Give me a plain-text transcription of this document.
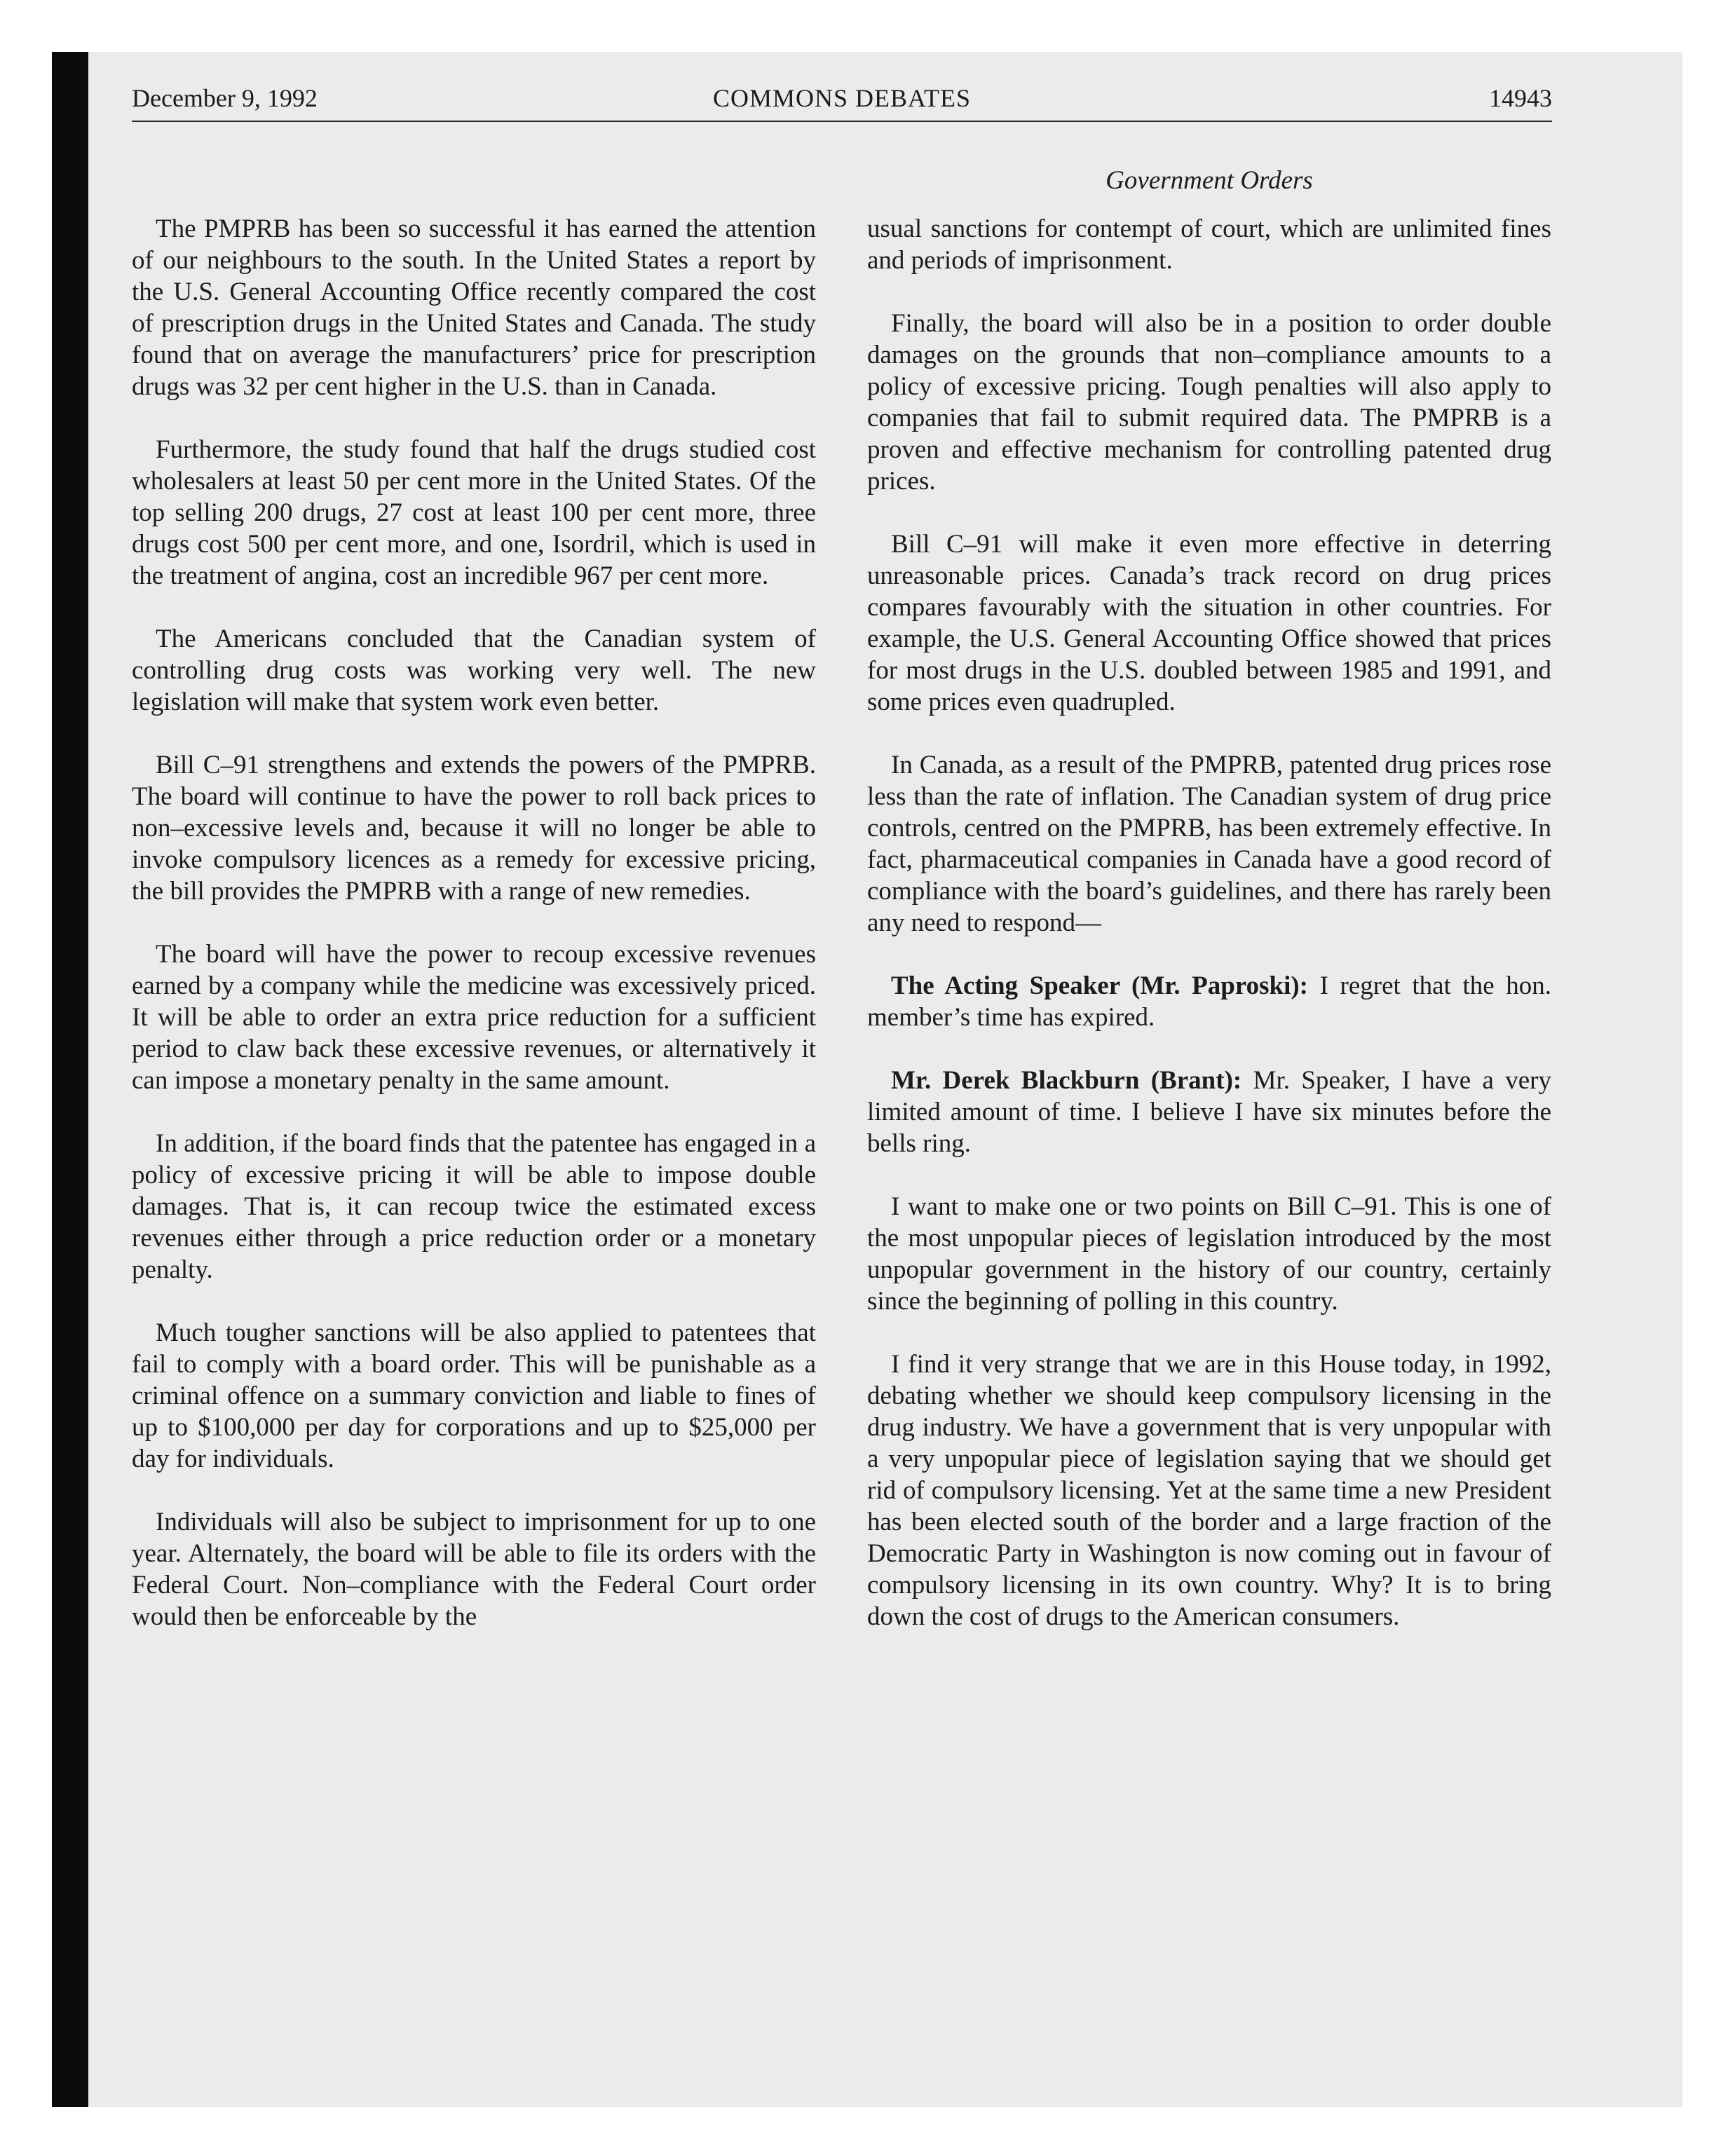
December 9, 1992	COMMONS DEBATES	14943
Government Orders

The PMPRB has been so successful it has earned the attention of our neighbours to the south. In the United States a report by the U.S. General Accounting Office recently compared the cost of prescription drugs in the United States and Canada. The study found that on average the manufacturers’ price for prescription drugs was 32 per cent higher in the U.S. than in Canada.

Furthermore, the study found that half the drugs studied cost wholesalers at least 50 per cent more in the United States. Of the top selling 200 drugs, 27 cost at least 100 per cent more, three drugs cost 500 per cent more, and one, Isordril, which is used in the treatment of angina, cost an incredible 967 per cent more.

The Americans concluded that the Canadian system of controlling drug costs was working very well. The new legislation will make that system work even better.

Bill C–91 strengthens and extends the powers of the PMPRB. The board will continue to have the power to roll back prices to non–excessive levels and, because it will no longer be able to invoke compulsory licences as a remedy for excessive pricing, the bill provides the PMPRB with a range of new remedies.

The board will have the power to recoup excessive revenues earned by a company while the medicine was excessively priced. It will be able to order an extra price reduction for a sufficient period to claw back these excessive revenues, or alternatively it can impose a monetary penalty in the same amount.

In addition, if the board finds that the patentee has engaged in a policy of excessive pricing it will be able to impose double damages. That is, it can recoup twice the estimated excess revenues either through a price reduction order or a monetary penalty.

Much tougher sanctions will be also applied to patentees that fail to comply with a board order. This will be punishable as a criminal offence on a summary conviction and liable to fines of up to $100,000 per day for corporations and up to $25,000 per day for individuals.

Individuals will also be subject to imprisonment for up to one year. Alternately, the board will be able to file its orders with the Federal Court. Non–compliance with the Federal Court order would then be enforceable by the

usual sanctions for contempt of court, which are unlimited fines and periods of imprisonment.

Finally, the board will also be in a position to order double damages on the grounds that non–compliance amounts to a policy of excessive pricing. Tough penalties will also apply to companies that fail to submit required data. The PMPRB is a proven and effective mechanism for controlling patented drug prices.

Bill C–91 will make it even more effective in deterring unreasonable prices. Canada’s track record on drug prices compares favourably with the situation in other countries. For example, the U.S. General Accounting Office showed that prices for most drugs in the U.S. doubled between 1985 and 1991, and some prices even quadrupled.

In Canada, as a result of the PMPRB, patented drug prices rose less than the rate of inflation. The Canadian system of drug price controls, centred on the PMPRB, has been extremely effective. In fact, pharmaceutical companies in Canada have a good record of compliance with the board’s guidelines, and there has rarely been any need to respond—

The Acting Speaker (Mr. Paproski): I regret that the hon. member’s time has expired.

Mr. Derek Blackburn (Brant): Mr. Speaker, I have a very limited amount of time. I believe I have six minutes before the bells ring.

I want to make one or two points on Bill C–91. This is one of the most unpopular pieces of legislation introduced by the most unpopular government in the history of our country, certainly since the beginning of polling in this country.

I find it very strange that we are in this House today, in 1992, debating whether we should keep compulsory licensing in the drug industry. We have a government that is very unpopular with a very unpopular piece of legislation saying that we should get rid of compulsory licensing. Yet at the same time a new President has been elected south of the border and a large fraction of the Democratic Party in Washington is now coming out in favour of compulsory licensing in its own country. Why? It is to bring down the cost of drugs to the American consumers.
